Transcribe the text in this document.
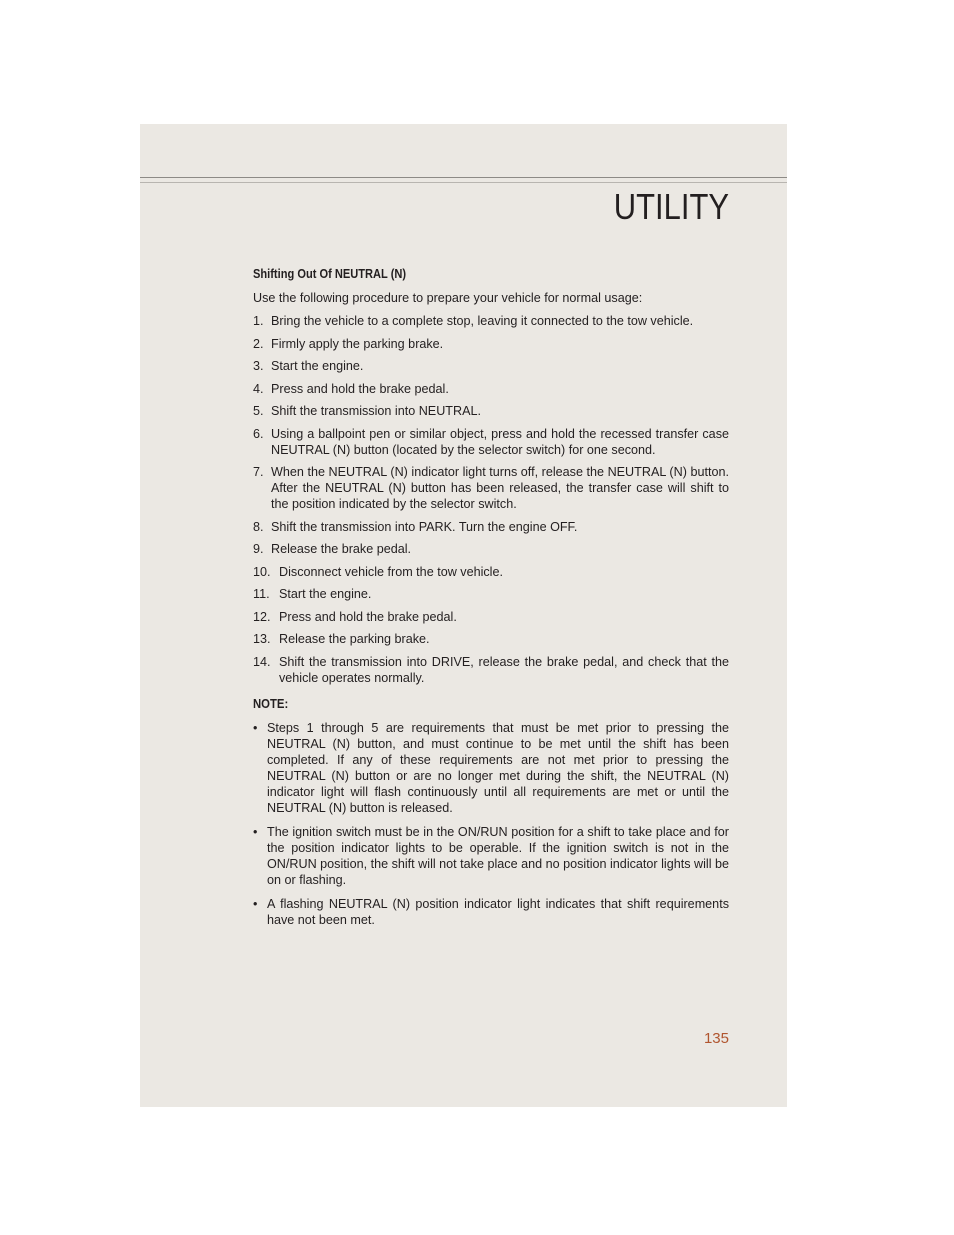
UTILITY
Shifting Out Of NEUTRAL (N)
Use the following procedure to prepare your vehicle for normal usage:
1. Bring the vehicle to a complete stop, leaving it connected to the tow vehicle.
2. Firmly apply the parking brake.
3. Start the engine.
4. Press and hold the brake pedal.
5. Shift the transmission into NEUTRAL.
6. Using a ballpoint pen or similar object, press and hold the recessed transfer case NEUTRAL (N) button (located by the selector switch) for one second.
7. When the NEUTRAL (N) indicator light turns off, release the NEUTRAL (N) button. After the NEUTRAL (N) button has been released, the transfer case will shift to the position indicated by the selector switch.
8. Shift the transmission into PARK. Turn the engine OFF.
9. Release the brake pedal.
10. Disconnect vehicle from the tow vehicle.
11. Start the engine.
12. Press and hold the brake pedal.
13. Release the parking brake.
14. Shift the transmission into DRIVE, release the brake pedal, and check that the vehicle operates normally.
NOTE:
• Steps 1 through 5 are requirements that must be met prior to pressing the NEUTRAL (N) button, and must continue to be met until the shift has been completed. If any of these requirements are not met prior to pressing the NEUTRAL (N) button or are no longer met during the shift, the NEUTRAL (N) indicator light will flash continuously until all requirements are met or until the NEUTRAL (N) button is released.
• The ignition switch must be in the ON/RUN position for a shift to take place and for the position indicator lights to be operable. If the ignition switch is not in the ON/RUN position, the shift will not take place and no position indicator lights will be on or flashing.
• A flashing NEUTRAL (N) position indicator light indicates that shift requirements have not been met.
135
